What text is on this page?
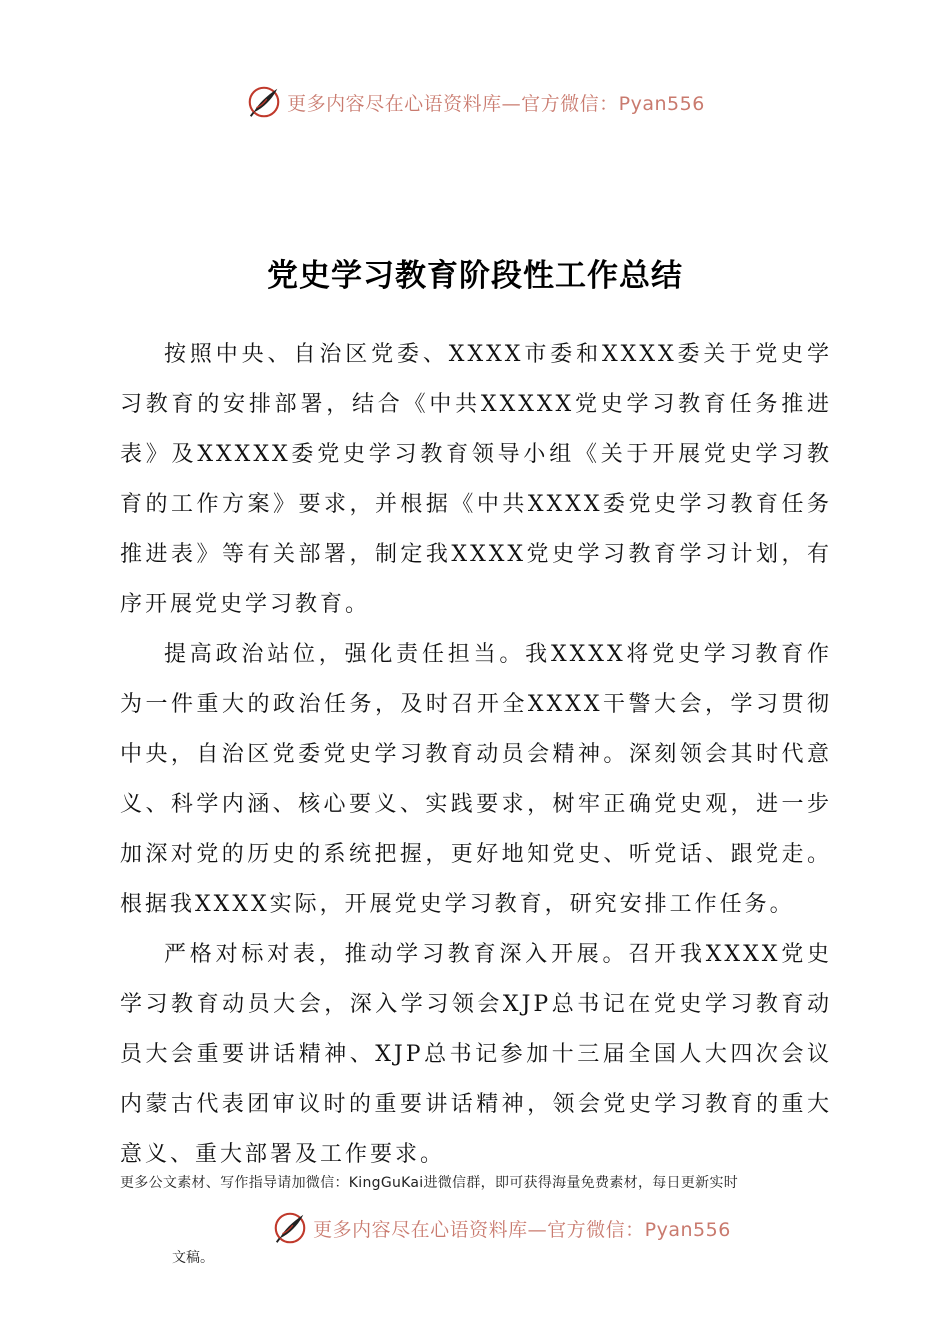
更多内容尽在心语资料库—官方微信：Pyan556
党史学习教育阶段性工作总结

按照中央、自治区党委、XXXX市委和XXXX委关于党史学习教育的安排部署，结合《中共XXXXX党史学习教育任务推进表》及XXXXX委党史学习教育领导小组《关于开展党史学习教育的工作方案》要求，并根据《中共XXXX委党史学习教育任务推进表》等有关部署，制定我XXXX党史学习教育学习计划，有序开展党史学习教育。

提高政治站位，强化责任担当。我XXXX将党史学习教育作为一件重大的政治任务，及时召开全XXXX干警大会，学习贯彻中央，自治区党委党史学习教育动员会精神。深刻领会其时代意义、科学内涵、核心要义、实践要求，树牢正确党史观，进一步加深对党的历史的系统把握，更好地知党史、听党话、跟党走。根据我XXXX实际，开展党史学习教育，研究安排工作任务。

严格对标对表，推动学习教育深入开展。召开我XXXX党史学习教育动员大会，深入学习领会XJP总书记在党史学习教育动员大会重要讲话精神、XJP总书记参加十三届全国人大四次会议内蒙古代表团审议时的重要讲话精神，领会党史学习教育的重大意义、重大部署及工作要求。

更多公文素材、写作指导请加微信：KingGuKai进微信群，即可获得海量免费素材，每日更新实时
更多内容尽在心语资料库—官方微信：Pyan556
文稿。
